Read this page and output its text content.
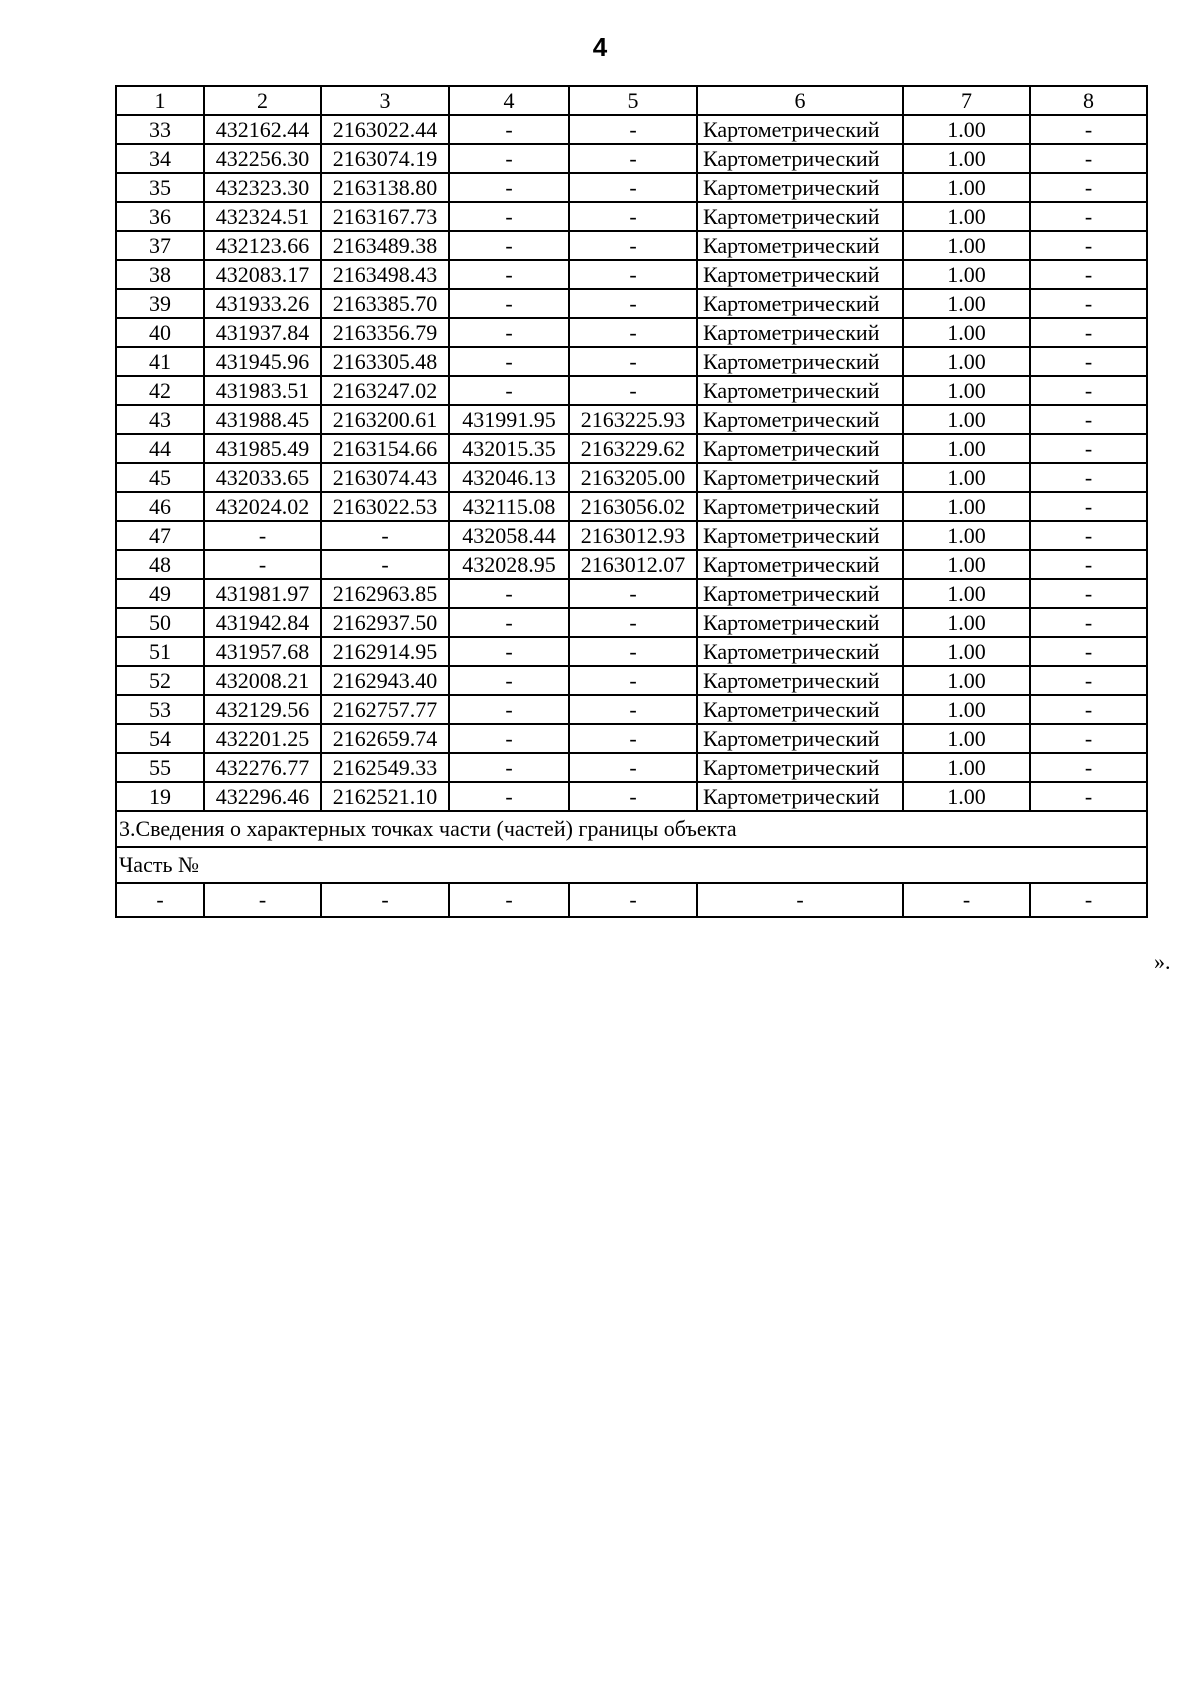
4
1	2	3	4	5	6	7	8
33	432162.44	2163022.44	-	-	Картометрический	1.00	-
34	432256.30	2163074.19	-	-	Картометрический	1.00	-
35	432323.30	2163138.80	-	-	Картометрический	1.00	-
36	432324.51	2163167.73	-	-	Картометрический	1.00	-
37	432123.66	2163489.38	-	-	Картометрический	1.00	-
38	432083.17	2163498.43	-	-	Картометрический	1.00	-
39	431933.26	2163385.70	-	-	Картометрический	1.00	-
40	431937.84	2163356.79	-	-	Картометрический	1.00	-
41	431945.96	2163305.48	-	-	Картометрический	1.00	-
42	431983.51	2163247.02	-	-	Картометрический	1.00	-
43	431988.45	2163200.61	431991.95	2163225.93	Картометрический	1.00	-
44	431985.49	2163154.66	432015.35	2163229.62	Картометрический	1.00	-
45	432033.65	2163074.43	432046.13	2163205.00	Картометрический	1.00	-
46	432024.02	2163022.53	432115.08	2163056.02	Картометрический	1.00	-
47	-	-	432058.44	2163012.93	Картометрический	1.00	-
48	-	-	432028.95	2163012.07	Картометрический	1.00	-
49	431981.97	2162963.85	-	-	Картометрический	1.00	-
50	431942.84	2162937.50	-	-	Картометрический	1.00	-
51	431957.68	2162914.95	-	-	Картометрический	1.00	-
52	432008.21	2162943.40	-	-	Картометрический	1.00	-
53	432129.56	2162757.77	-	-	Картометрический	1.00	-
54	432201.25	2162659.74	-	-	Картометрический	1.00	-
55	432276.77	2162549.33	-	-	Картометрический	1.00	-
19	432296.46	2162521.10	-	-	Картометрический	1.00	-
3.Сведения о характерных точках части (частей) границы объекта							
Часть №							
-	-	-	-	-	-	-	-
».
